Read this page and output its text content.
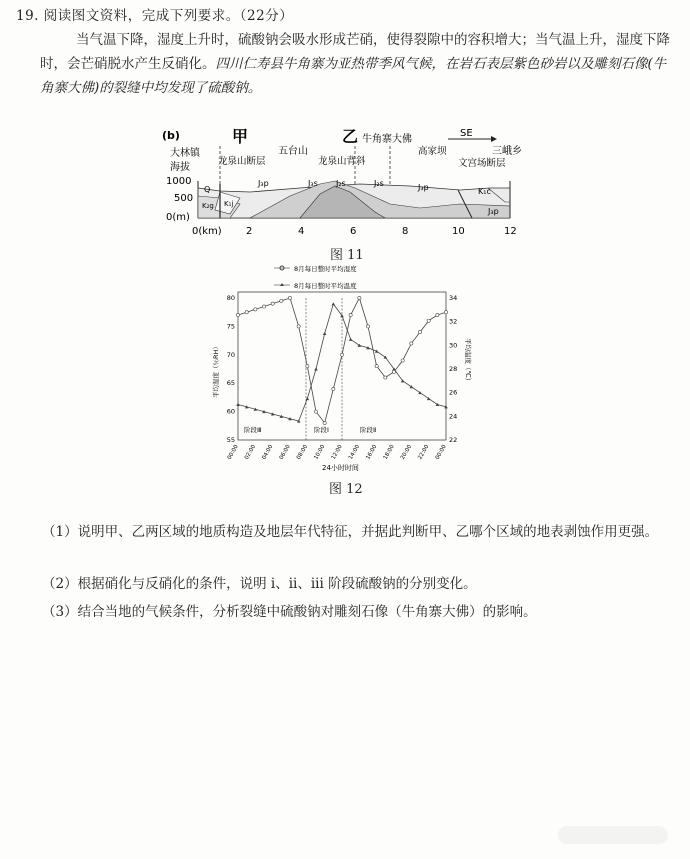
19. 阅读图文资料，完成下列要求。（22分）
当气温下降，湿度上升时，硫酸钠会吸水形成芒硝，使得裂隙中的容积增大；当气温上升，湿度下降时，会芒硝脱水产生反硝化。四川仁寿县牛角寨为亚热带季风气候，在岩石表层紫色砂岩以及雕刻石像(牛角寨大佛)的裂缝中均发现了硫酸钠。
(b)	甲	乙	SE
大林镇	五台山
牛角寨大佛
三峨乡
龙泉山断层	龙泉山背斜
高家坝
文宫场断层
海拔
1000
500
0(m)
Q
K₂g K₁j
J₃p	J₃s J₂s	J₂s	J₃p	K₁c
J₃p
0(km) 2	4	6	8	10	12
图 11
8月每日整时平均湿度
8月每日整时平均温度
平均湿度（％RH）	平均温度（℃）
24小时时间
80
75
70
65
60
55
34
32
30
28
26
24
22
00:00 02:00 04:00 06:00 08:00 10:00 12:00 14:00 16:00 18:00 20:00 22:00 00:00
阶段Ⅲ	阶段Ⅰ	阶段Ⅱ
图 12
（1）说明甲、乙两区域的地质构造及地层年代特征，并据此判断甲、乙哪个区域的地表剥蚀作用更强。
（2）根据硝化与反硝化的条件，说明 i、ii、iii 阶段硫酸钠的分别变化。
（3）结合当地的气候条件，分析裂缝中硫酸钠对雕刻石像（牛角寨大佛）的影响。
